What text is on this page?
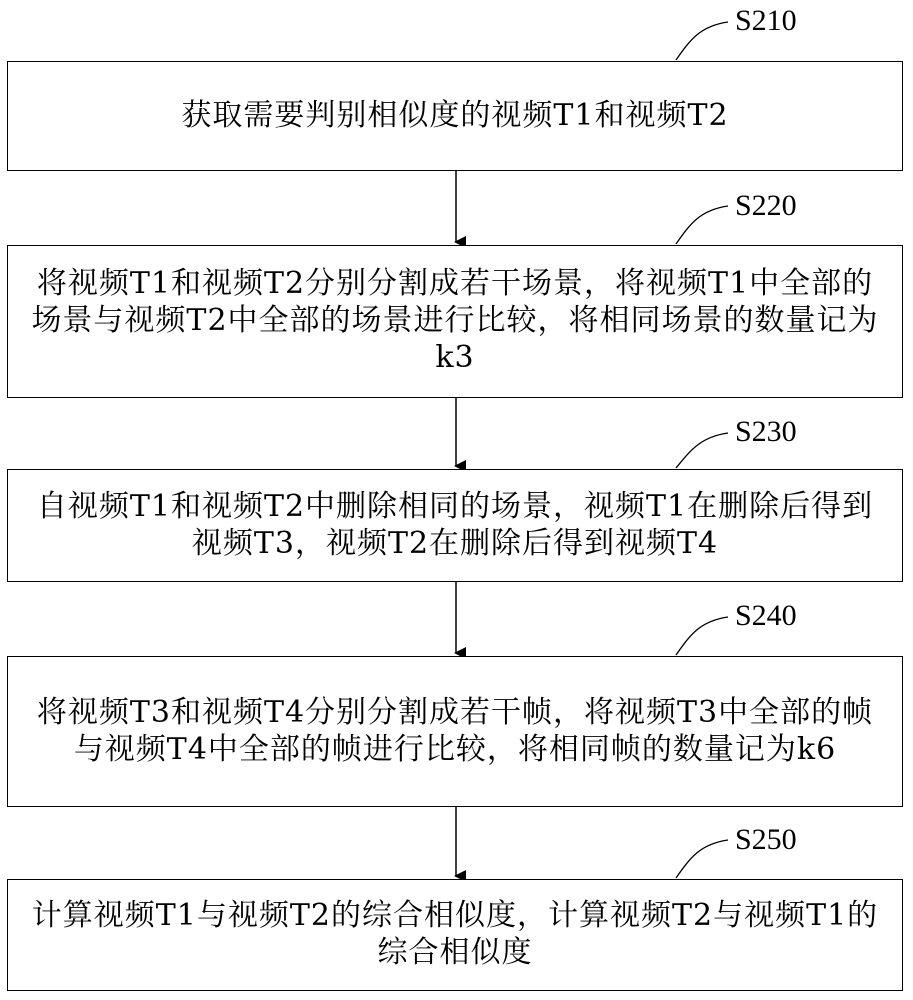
S210
获取需要判别相似度的视频T1和视频T2
S220
将视频T1和视频T2分别分割成若干场景，将视频T1中全部的场景与视频T2中全部的场景进行比较，将相同场景的数量记为k3
S230
自视频T1和视频T2中删除相同的场景，视频T1在删除后得到视频T3，视频T2在删除后得到视频T4
S240
将视频T3和视频T4分别分割成若干帧，将视频T3中全部的帧与视频T4中全部的帧进行比较，将相同帧的数量记为k6
S250
计算视频T1与视频T2的综合相似度，计算视频T2与视频T1的综合相似度
